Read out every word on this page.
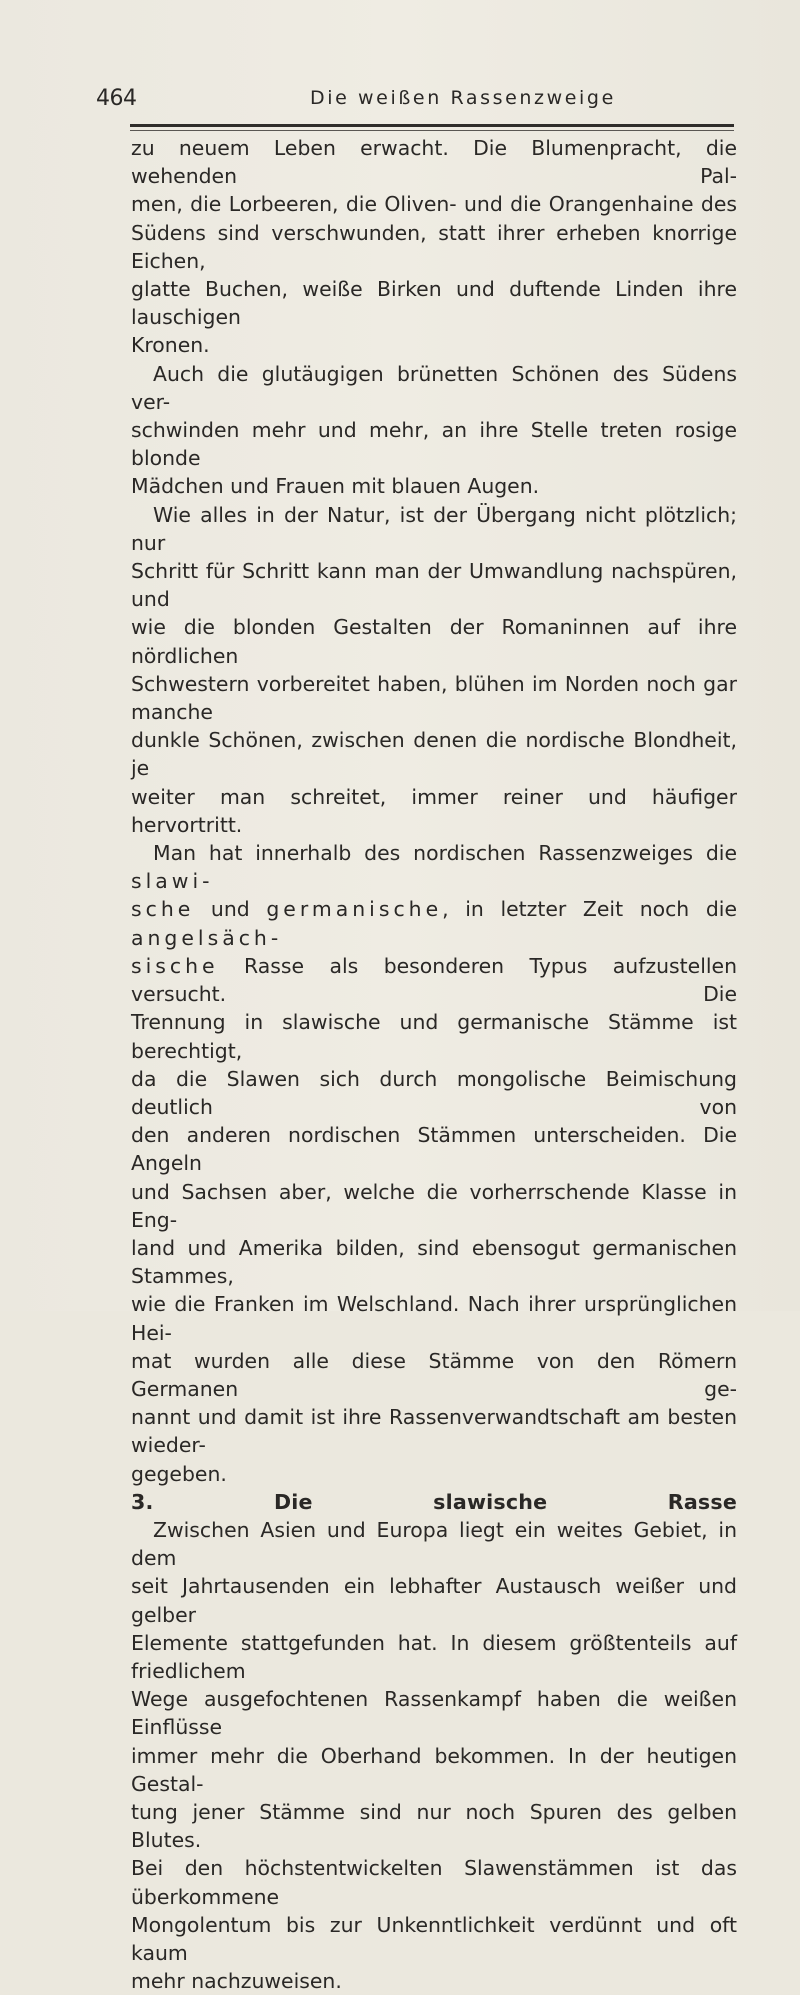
464	Die weißen Rassenzweige

zu neuem Leben erwacht. Die Blumenpracht, die wehenden Pal-

men, die Lorbeeren, die Oliven- und die Orangenhaine des

Südens sind verschwunden, statt ihrer erheben knorrige Eichen,

glatte Buchen, weiße Birken und duftende Linden ihre lauschigen

Kronen.

Auch die glutäugigen brünetten Schönen des Südens ver-

schwinden mehr und mehr, an ihre Stelle treten rosige blonde

Mädchen und Frauen mit blauen Augen.

Wie alles in der Natur, ist der Übergang nicht plötzlich; nur

Schritt für Schritt kann man der Umwandlung nachspüren, und

wie die blonden Gestalten der Romaninnen auf ihre nördlichen

Schwestern vorbereitet haben, blühen im Norden noch gar manche

dunkle Schönen, zwischen denen die nordische Blondheit, je

weiter man schreitet, immer reiner und häufiger hervortritt.

Man hat innerhalb des nordischen Rassenzweiges die slawi-

sche und germanische, in letzter Zeit noch die angelsäch-

sische Rasse als besonderen Typus aufzustellen versucht. Die

Trennung in slawische und germanische Stämme ist berechtigt,

da die Slawen sich durch mongolische Beimischung deutlich von

den anderen nordischen Stämmen unterscheiden. Die Angeln

und Sachsen aber, welche die vorherrschende Klasse in Eng-

land und Amerika bilden, sind ebensogut germanischen Stammes,

wie die Franken im Welschland. Nach ihrer ursprünglichen Hei-

mat wurden alle diese Stämme von den Römern Germanen ge-

nannt und damit ist ihre Rassenverwandtschaft am besten wieder-

gegeben.

3. Die slawische Rasse

Zwischen Asien und Europa liegt ein weites Gebiet, in dem

seit Jahrtausenden ein lebhafter Austausch weißer und gelber

Elemente stattgefunden hat. In diesem größtenteils auf friedlichem

Wege ausgefochtenen Rassenkampf haben die weißen Einflüsse

immer mehr die Oberhand bekommen. In der heutigen Gestal-

tung jener Stämme sind nur noch Spuren des gelben Blutes.

Bei den höchstentwickelten Slawenstämmen ist das überkommene

Mongolentum bis zur Unkenntlichkeit verdünnt und oft kaum

mehr nachzuweisen.
